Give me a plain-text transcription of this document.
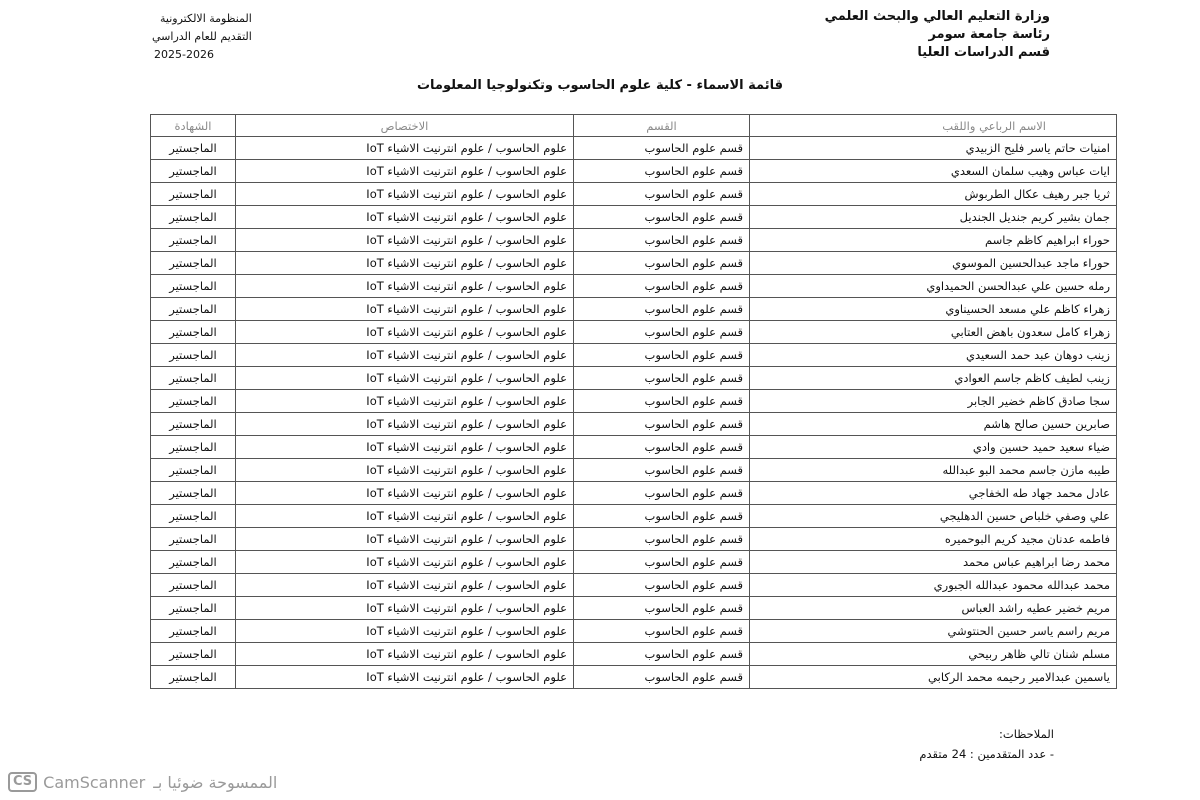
وزارة التعليم العالي والبحث العلمي
رئاسة جامعة سومر
قسم الدراسات العليا
المنظومة الالكترونية
التقديم للعام الدراسي
2025-2026
قائمة الاسماء - كلية علوم الحاسوب وتكنولوجيا المعلومات
الاسم الرباعي واللقب	القسم	الاختصاص	الشهادة
امنيات حاتم ياسر فليح الزبيدي	قسم علوم الحاسوب	علوم الحاسوب / علوم انترنيت الاشياء IoT	الماجستير
ايات عباس وهيب سلمان السعدي	قسم علوم الحاسوب	علوم الحاسوب / علوم انترنيت الاشياء IoT	الماجستير
ثريا جبر رهيف عكال الطربوش	قسم علوم الحاسوب	علوم الحاسوب / علوم انترنيت الاشياء IoT	الماجستير
جمان بشير كريم جنديل الجنديل	قسم علوم الحاسوب	علوم الحاسوب / علوم انترنيت الاشياء IoT	الماجستير
حوراء ابراهيم كاظم جاسم	قسم علوم الحاسوب	علوم الحاسوب / علوم انترنيت الاشياء IoT	الماجستير
حوراء ماجد عبدالحسين الموسوي	قسم علوم الحاسوب	علوم الحاسوب / علوم انترنيت الاشياء IoT	الماجستير
رمله حسين علي عبدالحسن الحميداوي	قسم علوم الحاسوب	علوم الحاسوب / علوم انترنيت الاشياء IoT	الماجستير
زهراء كاظم علي مسعد الحسيناوي	قسم علوم الحاسوب	علوم الحاسوب / علوم انترنيت الاشياء IoT	الماجستير
زهراء كامل سعدون باهض العتابي	قسم علوم الحاسوب	علوم الحاسوب / علوم انترنيت الاشياء IoT	الماجستير
زينب دوهان عبد حمد السعيدي	قسم علوم الحاسوب	علوم الحاسوب / علوم انترنيت الاشياء IoT	الماجستير
زينب لطيف كاظم جاسم العوادي	قسم علوم الحاسوب	علوم الحاسوب / علوم انترنيت الاشياء IoT	الماجستير
سجا صادق كاظم خضير الجابر	قسم علوم الحاسوب	علوم الحاسوب / علوم انترنيت الاشياء IoT	الماجستير
صابرين حسين صالح هاشم	قسم علوم الحاسوب	علوم الحاسوب / علوم انترنيت الاشياء IoT	الماجستير
ضياء سعيد حميد حسين وادي	قسم علوم الحاسوب	علوم الحاسوب / علوم انترنيت الاشياء IoT	الماجستير
طيبه مازن جاسم محمد البو عبدالله	قسم علوم الحاسوب	علوم الحاسوب / علوم انترنيت الاشياء IoT	الماجستير
عادل محمد جهاد طه الخفاجي	قسم علوم الحاسوب	علوم الحاسوب / علوم انترنيت الاشياء IoT	الماجستير
علي وصفي خلباص حسين الدهليجي	قسم علوم الحاسوب	علوم الحاسوب / علوم انترنيت الاشياء IoT	الماجستير
فاطمه عدنان مجيد كريم البوحميره	قسم علوم الحاسوب	علوم الحاسوب / علوم انترنيت الاشياء IoT	الماجستير
محمد رضا ابراهيم عباس محمد	قسم علوم الحاسوب	علوم الحاسوب / علوم انترنيت الاشياء IoT	الماجستير
محمد عبدالله محمود عبدالله الجبوري	قسم علوم الحاسوب	علوم الحاسوب / علوم انترنيت الاشياء IoT	الماجستير
مريم خضير عطيه راشد العباس	قسم علوم الحاسوب	علوم الحاسوب / علوم انترنيت الاشياء IoT	الماجستير
مريم راسم ياسر حسين الحنتوشي	قسم علوم الحاسوب	علوم الحاسوب / علوم انترنيت الاشياء IoT	الماجستير
مسلم شنان تالي ظاهر ربيحي	قسم علوم الحاسوب	علوم الحاسوب / علوم انترنيت الاشياء IoT	الماجستير
ياسمين عبدالامير رحيمه محمد الركابي	قسم علوم الحاسوب	علوم الحاسوب / علوم انترنيت الاشياء IoT	الماجستير
الملاحظات:
- عدد المتقدمين : 24 متقدم
CS CamScanner الممسوحة ضوئيا بـ
